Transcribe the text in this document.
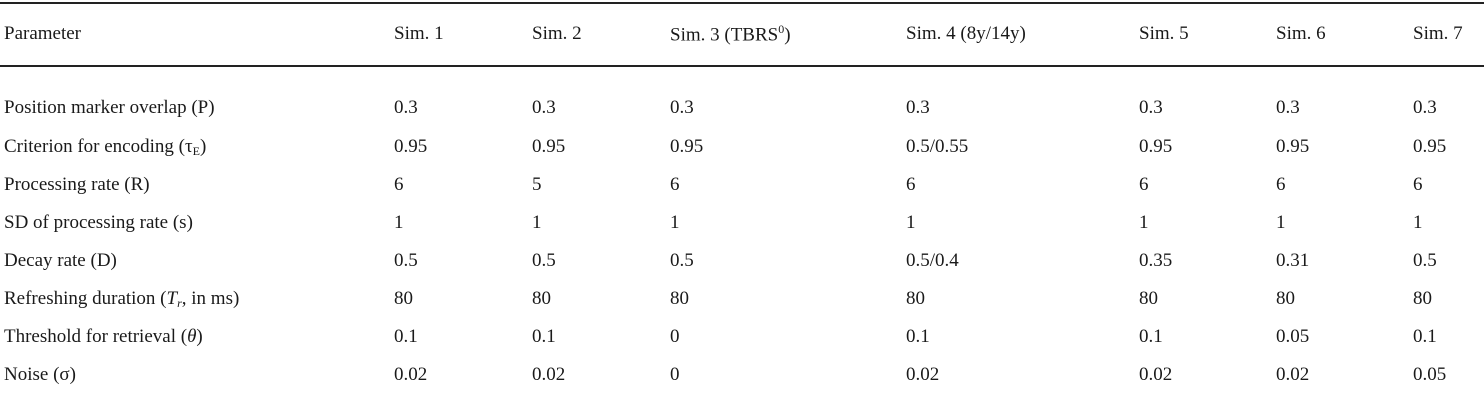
Parameter	Sim. 1	Sim. 2	Sim. 3 (TBRS$^0$)	Sim. 4 (8y/14y)	Sim. 5	Sim. 6	Sim. 7
Position marker overlap (P)	0.3	0.3	0.3	0.3	0.3	0.3	0.3
Criterion for encoding $(\tau_E)$	0.95	0.95	0.95	0.5/0.55	0.95	0.95	0.95
Processing rate (R)	6	5	6	6	6	6	6
SD of processing rate (s)	1	1	1	1	1	1	1
Decay rate (D)	0.5	0.5	0.5	0.5/0.4	0.35	0.31	0.5
Refreshing duration ($T_r$, in ms)	80	80	80	80	80	80	80
Threshold for retrieval (θ)	0.1	0.1	0	0.1	0.1	0.05	0.1
Noise (σ)	0.02	0.02	0	0.02	0.02	0.02	0.05
